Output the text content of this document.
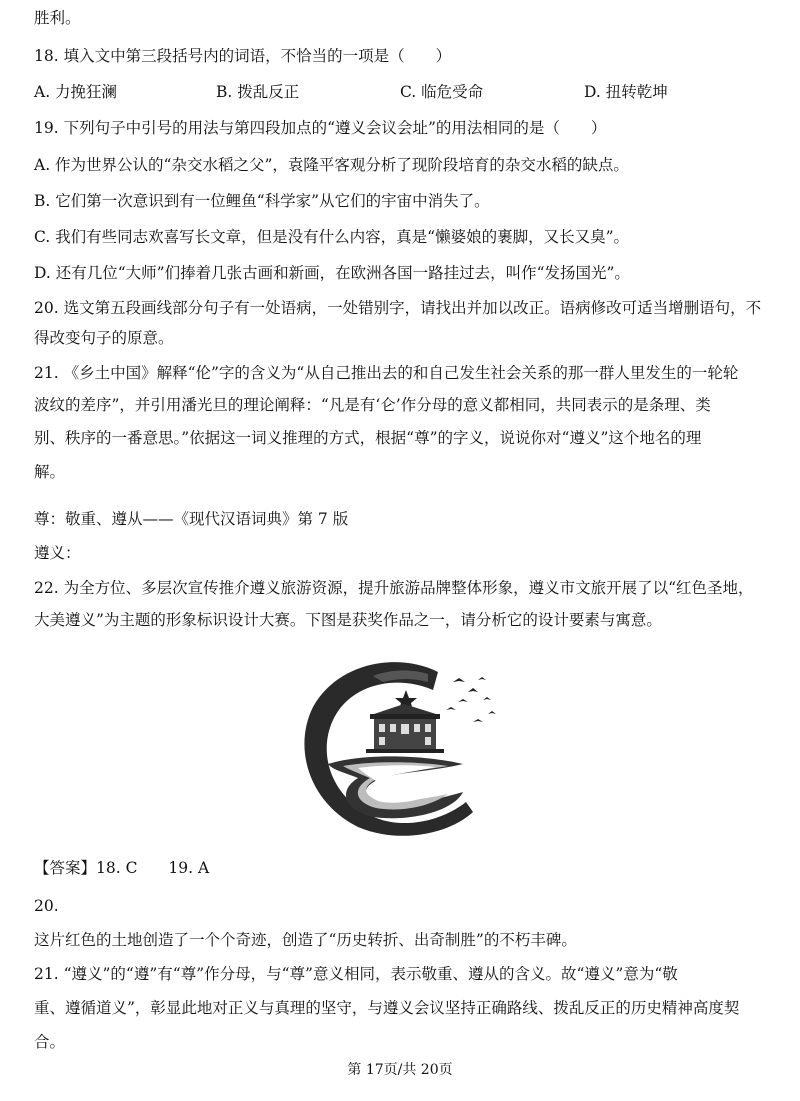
胜利。
18. 填入文中第三段括号内的词语，不恰当的一项是（　　）
A. 力挽狂澜	B. 拨乱反正	C. 临危受命	D. 扭转乾坤
19. 下列句子中引号的用法与第四段加点的“遵义会议会址”的用法相同的是（　　）
A. 作为世界公认的“杂交水稻之父”，袁隆平客观分析了现阶段培育的杂交水稻的缺点。
B. 它们第一次意识到有一位鲤鱼“科学家”从它们的宇宙中消失了。
C. 我们有些同志欢喜写长文章，但是没有什么内容，真是“懒婆娘的裹脚，又长又臭”。
D. 还有几位“大师”们捧着几张古画和新画，在欧洲各国一路挂过去，叫作“发扬国光”。
20. 选文第五段画线部分句子有一处语病，一处错别字，请找出并加以改正。语病修改可适当增删语句，不
得改变句子的原意。
21. 《乡土中国》解释“伦”字的含义为“从自己推出去的和自己发生社会关系的那一群人里发生的一轮轮
波纹的差序”，并引用潘光旦的理论阐释：“凡是有‘仑’作分母的意义都相同，共同表示的是条理、类
别、秩序的一番意思。”依据这一词义推理的方式，根据“尊”的字义，说说你对“遵义”这个地名的理
解。
尊：敬重、遵从——《现代汉语词典》第 7 版
遵义：
22. 为全方位、多层次宣传推介遵义旅游资源，提升旅游品牌整体形象，遵义市文旅开展了以“红色圣地，
大美遵义”为主题的形象标识设计大赛。下图是获奖作品之一，请分析它的设计要素与寓意。
【答案】18. C　　19. A
20.
这片红色的土地创造了一个个奇迹，创造了“历史转折、出奇制胜”的不朽丰碑。
21. “遵义”的“遵”有“尊”作分母，与“尊”意义相同，表示敬重、遵从的含义。故“遵义”意为“敬
重、遵循道义”，彰显此地对正义与真理的坚守，与遵义会议坚持正确路线、拨乱反正的历史精神高度契
合。
第 17页/共 20页
